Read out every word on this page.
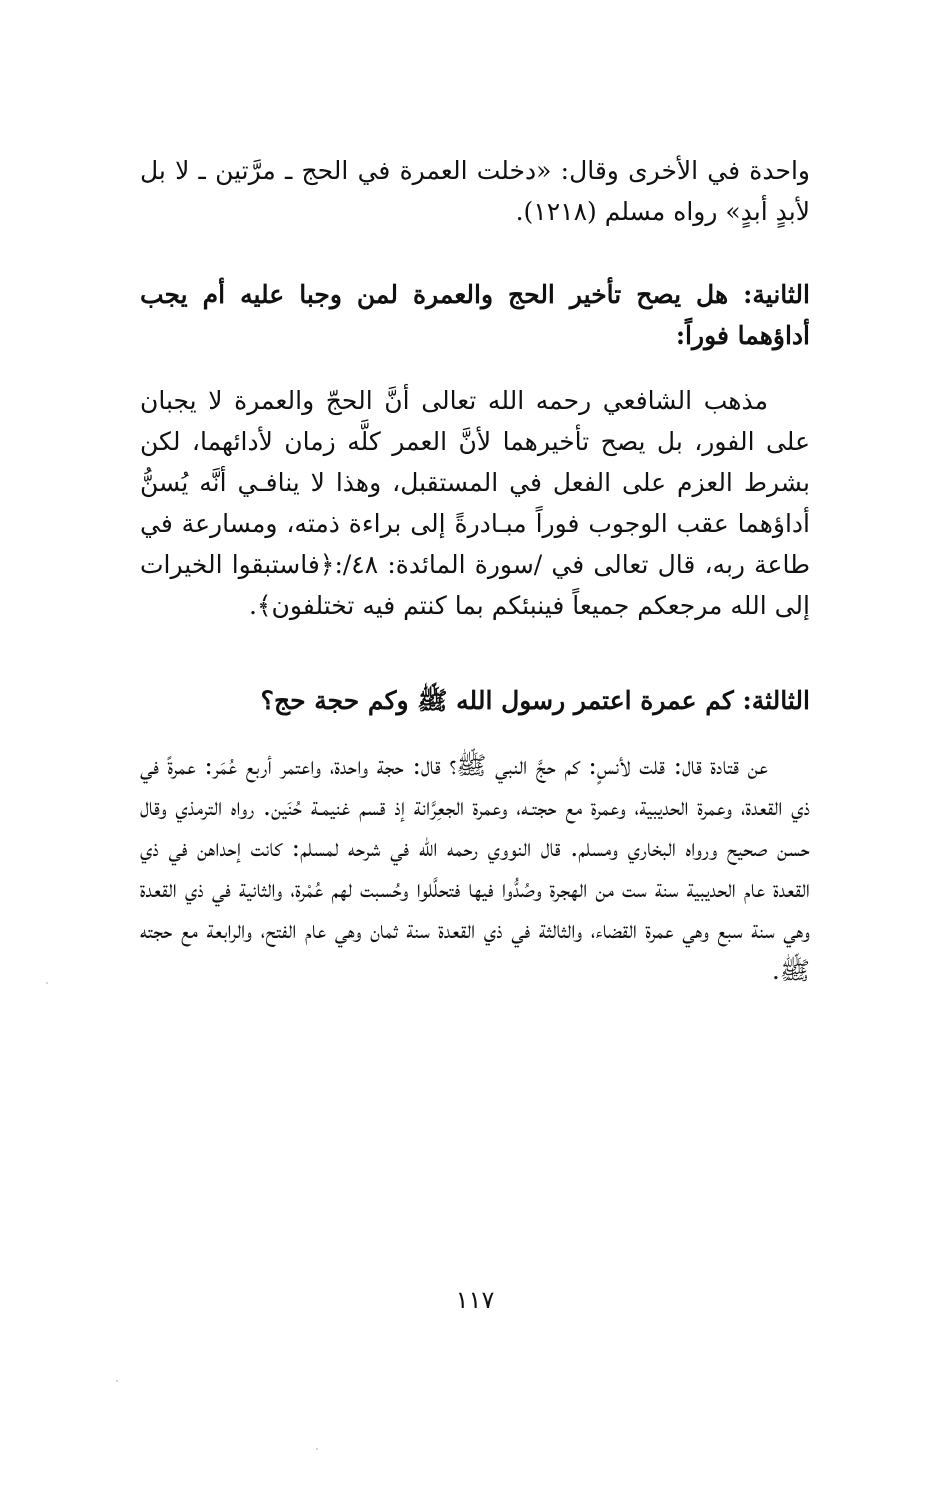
واحدة في الأخرى وقال: «دخلت العمرة في الحج ـ مرَّتين ـ لا بل لأبدٍ أبدٍ» رواه مسلم (١٢١٨).

الثانية: هل يصح تأخير الحج والعمرة لمن وجبا عليه أم يجب أداؤهما فوراً:

مذهب الشافعي رحمه الله تعالى أنَّ الحجّ والعمرة لا يجبان على الفور، بل يصح تأخيرهما لأنَّ العمر كلَّه زمان لأدائهما، لكن بشرط العزم على الفعل في المستقبل، وهذا لا ينافـي أنَّه يُسنُّ أداؤهما عقب الوجوب فوراً مبـادرةً إلى براءة ذمته، ومسارعة في طاعة ربه، قال تعالى في /سورة المائدة: ٤٨/:﴿فاستبقوا الخيرات إلى الله مرجعكم جميعاً فينبئكم بما كنتم فيه تختلفون﴾.

الثالثة: كم عمرة اعتمر رسول الله ﷺ وكم حجة حج؟

عن قتادة قال: قلت لأنسٍ: كم حجَّ النبي ﷺ؟ قال: حجة واحدة، واعتمر أربع عُمَر: عمرةً في ذي القعدة، وعمرة الحديبية، وعمرة مع حجتـه، وعمرة الجعِرَّانة إذ قسم غنيمـة حُنَين. رواه الترمذي وقال حسن صحيح ورواه البخاري ومسلم. قال النووي رحمه الله في شرحه لمسلم: كانت إحداهن في ذي القعدة عام الحديبية سنة ست من الهجرة وصُدُّوا فيها فتحلَّلوا وحُسبت لهم عُمْرة، والثانية في ذي القعدة وهي سنة سبع وهي عمرة القضاء، والثالثة في ذي القعدة سنة ثمان وهي عام الفتح، والرابعة مع حجته ﷺ.

١١٧
